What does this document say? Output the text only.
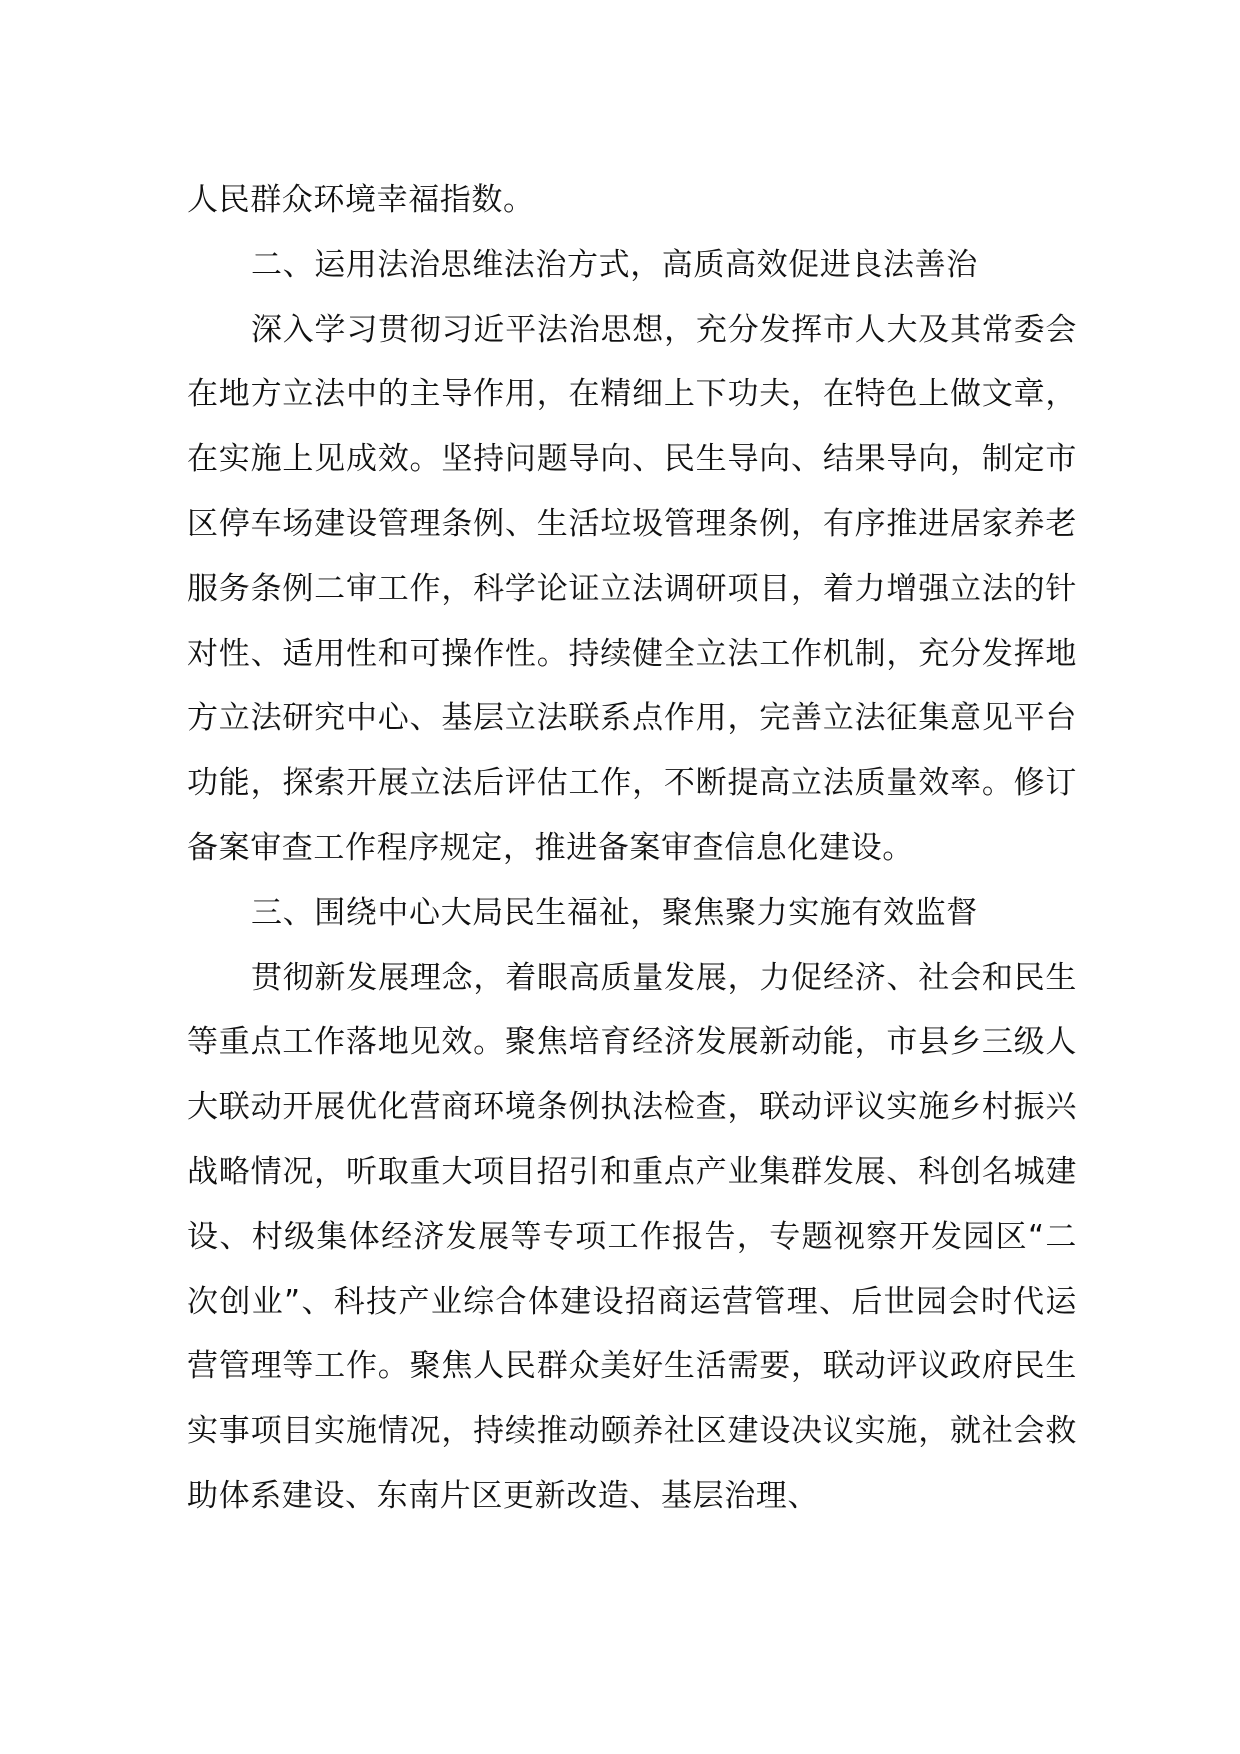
人民群众环境幸福指数。

二、运用法治思维法治方式，高质高效促进良法善治

深入学习贯彻习近平法治思想，充分发挥市人大及其常委会在地方立法中的主导作用，在精细上下功夫，在特色上做文章，在实施上见成效。坚持问题导向、民生导向、结果导向，制定市区停车场建设管理条例、生活垃圾管理条例，有序推进居家养老服务条例二审工作，科学论证立法调研项目，着力增强立法的针对性、适用性和可操作性。持续健全立法工作机制，充分发挥地方立法研究中心、基层立法联系点作用，完善立法征集意见平台功能，探索开展立法后评估工作，不断提高立法质量效率。修订备案审查工作程序规定，推进备案审查信息化建设。

三、围绕中心大局民生福祉，聚焦聚力实施有效监督

贯彻新发展理念，着眼高质量发展，力促经济、社会和民生等重点工作落地见效。聚焦培育经济发展新动能，市县乡三级人大联动开展优化营商环境条例执法检查，联动评议实施乡村振兴战略情况，听取重大项目招引和重点产业集群发展、科创名城建设、村级集体经济发展等专项工作报告，专题视察开发园区“二次创业”、科技产业综合体建设招商运营管理、后世园会时代运营管理等工作。聚焦人民群众美好生活需要，联动评议政府民生实事项目实施情况，持续推动颐养社区建设决议实施，就社会救助体系建设、东南片区更新改造、基层治理、
